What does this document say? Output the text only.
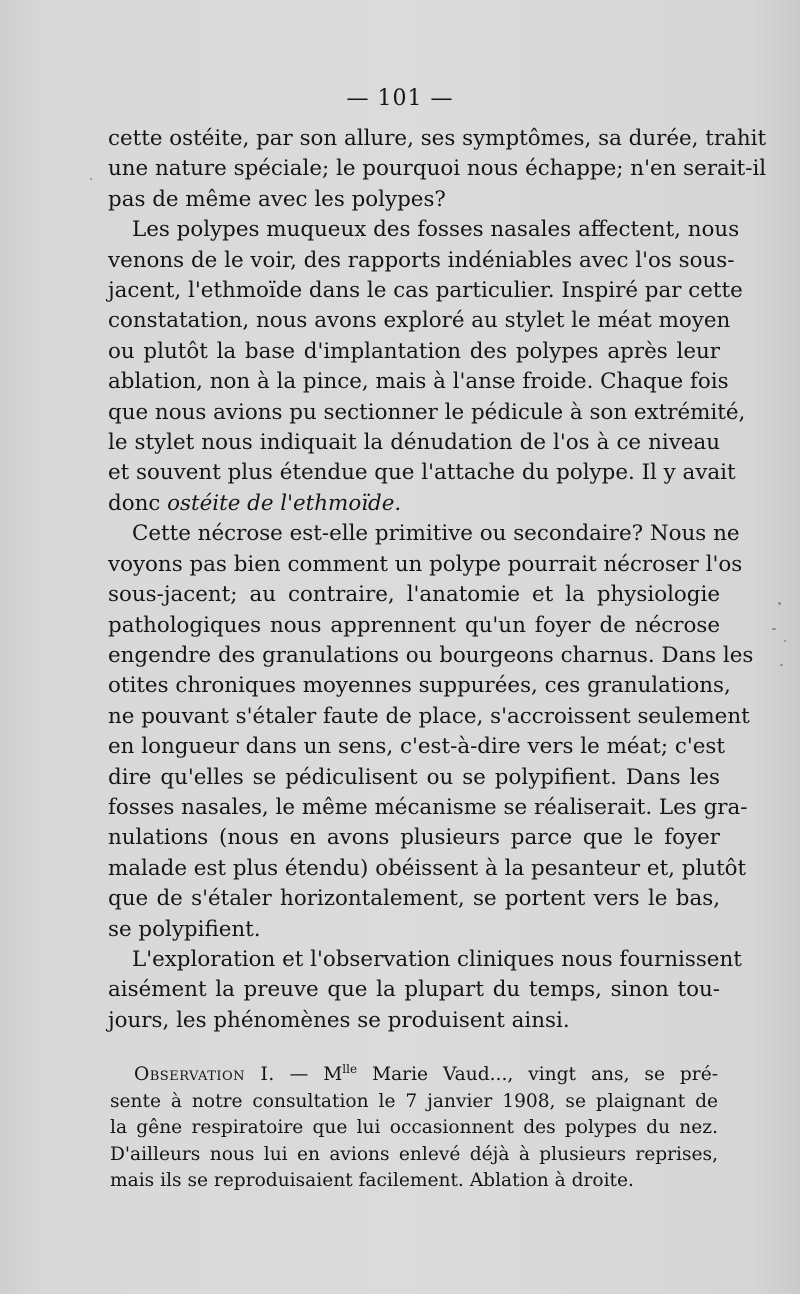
— 101 —
cette ostéite, par son allure, ses symptômes, sa durée, trahit
une nature spéciale; le pourquoi nous échappe; n'en serait-il
pas de même avec les polypes?
Les polypes muqueux des fosses nasales affectent, nous
venons de le voir, des rapports indéniables avec l'os sous-
jacent, l'ethmoïde dans le cas particulier. Inspiré par cette
constatation, nous avons exploré au stylet le méat moyen
ou plutôt la base d'implantation des polypes après leur
ablation, non à la pince, mais à l'anse froide. Chaque fois
que nous avions pu sectionner le pédicule à son extrémité,
le stylet nous indiquait la dénudation de l'os à ce niveau
et souvent plus étendue que l'attache du polype. Il y avait
donc ostéite de l'ethmoïde.
Cette nécrose est-elle primitive ou secondaire? Nous ne
voyons pas bien comment un polype pourrait nécroser l'os
sous-jacent; au contraire, l'anatomie et la physiologie
pathologiques nous apprennent qu'un foyer de nécrose
engendre des granulations ou bourgeons charnus. Dans les
otites chroniques moyennes suppurées, ces granulations,
ne pouvant s'étaler faute de place, s'accroissent seulement
en longueur dans un sens, c'est-à-dire vers le méat; c'est
dire qu'elles se pédiculisent ou se polypifient. Dans les
fosses nasales, le même mécanisme se réaliserait. Les gra-
nulations (nous en avons plusieurs parce que le foyer
malade est plus étendu) obéissent à la pesanteur et, plutôt
que de s'étaler horizontalement, se portent vers le bas,
se polypifient.
L'exploration et l'observation cliniques nous fournissent
aisément la preuve que la plupart du temps, sinon tou-
jours, les phénomènes se produisent ainsi.
Observation I. — $M^{lle}$ Marie Vaud..., vingt ans, se pré-
sente à notre consultation le 7 janvier 1908, se plaignant de
la gêne respiratoire que lui occasionnent des polypes du nez.
D'ailleurs nous lui en avions enlevé déjà à plusieurs reprises,
mais ils se reproduisaient facilement. Ablation à droite.
